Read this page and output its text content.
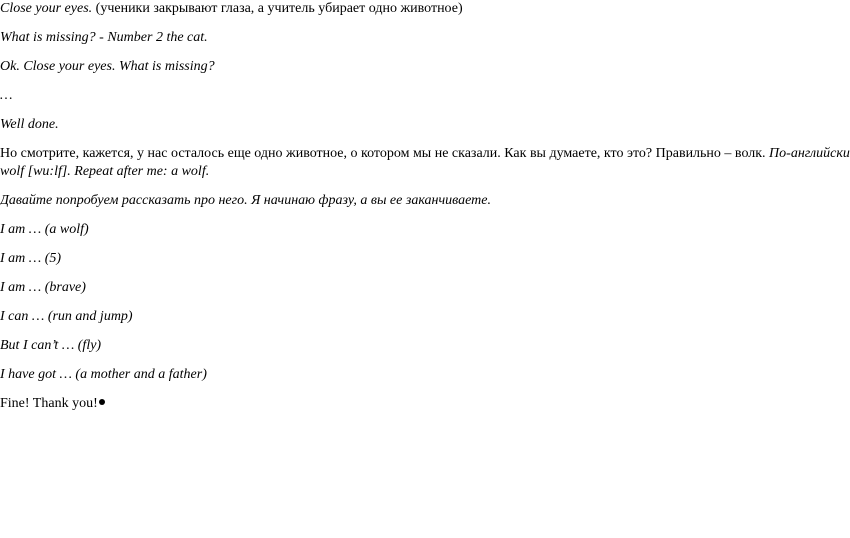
Close your eyes. (ученики закрывают глаза, а учитель убирает одно животное)
What is missing? - Number 2 the cat.
Ok. Close your eyes. What is missing?
…
Well done.
Но смотрите, кажется, у нас осталось еще одно животное, о котором мы не сказали. Как вы думаете, кто это? Правильно – волк. По-английски
wolf [wu:lf]. Repeat after me: a wolf.
Давайте попробуем рассказать про него. Я начинаю фразу, а вы ее заканчиваете.
I am … (a wolf)
I am … (5)
I am … (brave)
I can … (run and jump)
But I can’t … (fly)
I have got … (a mother and a father)
Fine! Thank you!
